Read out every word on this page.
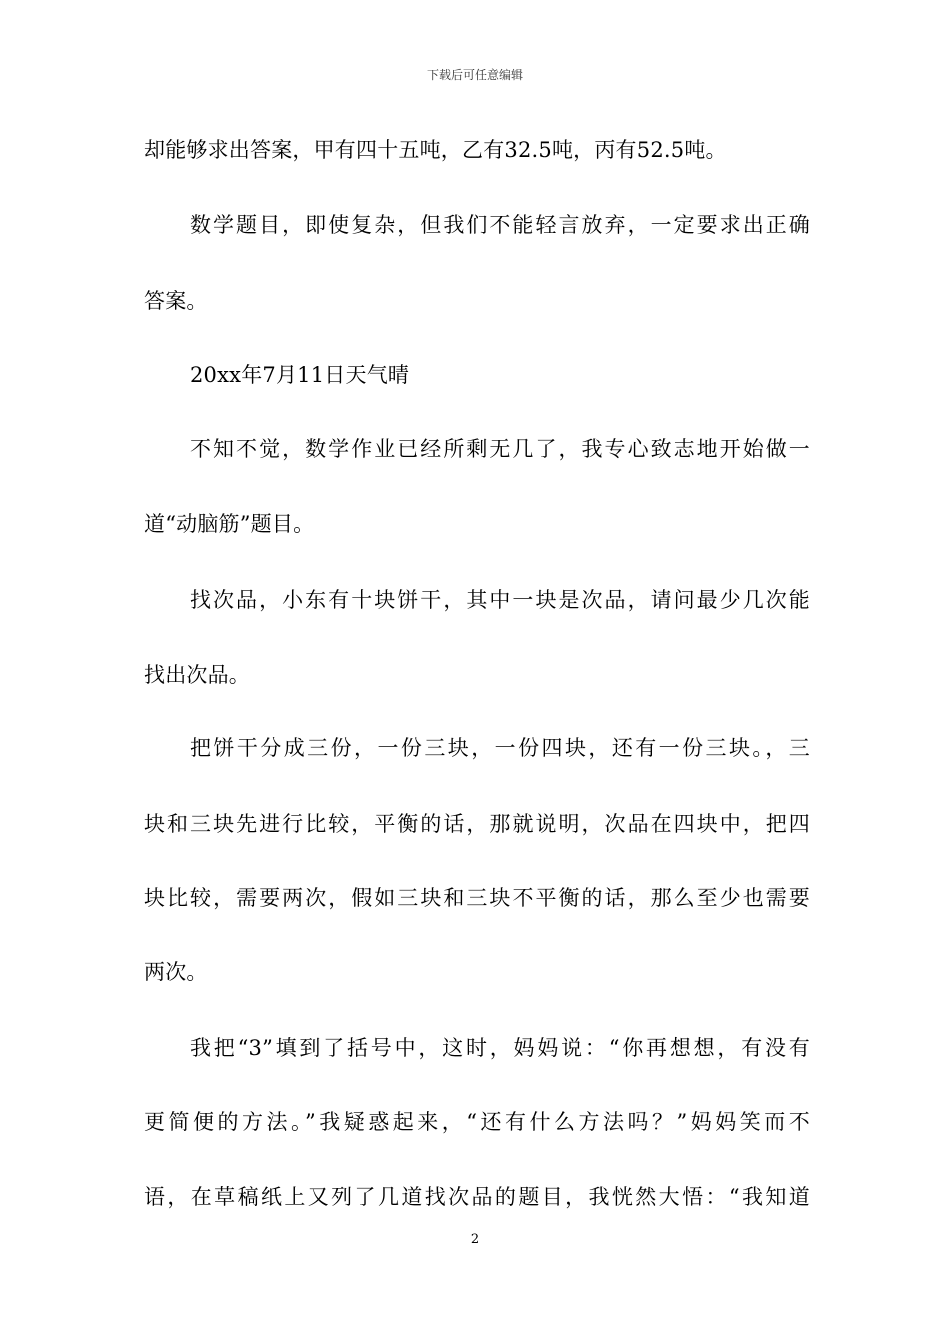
下载后可任意编辑
却能够求出答案，甲有四十五吨，乙有32.5吨，丙有52.5吨。
数学题目，即使复杂，但我们不能轻言放弃，一定要求出正确
答案。
20xx年7月11日天气晴
不知不觉，数学作业已经所剩无几了，我专心致志地开始做一
道“动脑筋”题目。
找次品，小东有十块饼干，其中一块是次品，请问最少几次能
找出次品。
把饼干分成三份，一份三块，一份四块，还有一份三块。，三
块和三块先进行比较，平衡的话，那就说明，次品在四块中，把四
块比较，需要两次，假如三块和三块不平衡的话，那么至少也需要
两次。
我把“3”填到了括号中，这时，妈妈说：“你再想想，有没有
更简便的方法。”我疑惑起来，“还有什么方法吗？”妈妈笑而不
语，在草稿纸上又列了几道找次品的题目，我恍然大悟：“我知道
2
